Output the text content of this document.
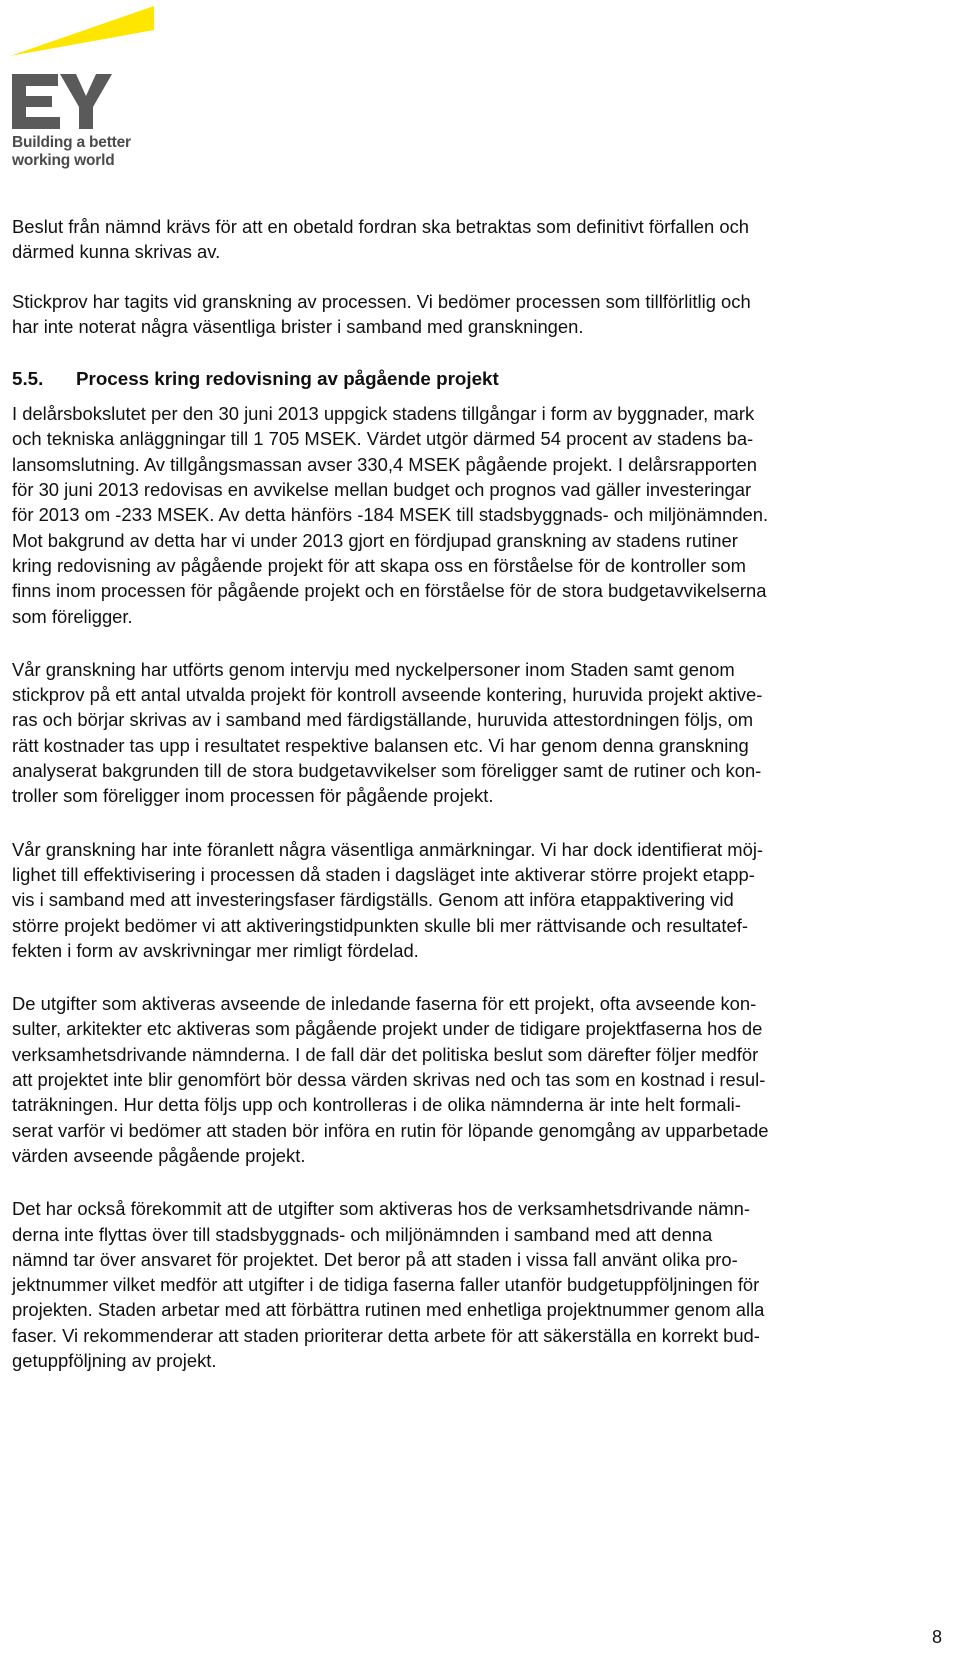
Building a better
working world

Beslut från nämnd krävs för att en obetald fordran ska betraktas som definitivt förfallen och
därmed kunna skrivas av.

Stickprov har tagits vid granskning av processen. Vi bedömer processen som tillförlitlig och
har inte noterat några väsentliga brister i samband med granskningen.

5.5.	Process kring redovisning av pågående projekt

I delårsbokslutet per den 30 juni 2013 uppgick stadens tillgångar i form av byggnader, mark
och tekniska anläggningar till 1 705 MSEK. Värdet utgör därmed 54 procent av stadens ba-
lansomslutning. Av tillgångsmassan avser 330,4 MSEK pågående projekt. I delårsrapporten
för 30 juni 2013 redovisas en avvikelse mellan budget och prognos vad gäller investeringar
för 2013 om -233 MSEK. Av detta hänförs -184 MSEK till stadsbyggnads- och miljönämnden.
Mot bakgrund av detta har vi under 2013 gjort en fördjupad granskning av stadens rutiner
kring redovisning av pågående projekt för att skapa oss en förståelse för de kontroller som
finns inom processen för pågående projekt och en förståelse för de stora budgetavvikelserna
som föreligger.

Vår granskning har utförts genom intervju med nyckelpersoner inom Staden samt genom
stickprov på ett antal utvalda projekt för kontroll avseende kontering, huruvida projekt aktive-
ras och börjar skrivas av i samband med färdigställande, huruvida attestordningen följs, om
rätt kostnader tas upp i resultatet respektive balansen etc. Vi har genom denna granskning
analyserat bakgrunden till de stora budgetavvikelser som föreligger samt de rutiner och kon-
troller som föreligger inom processen för pågående projekt.

Vår granskning har inte föranlett några väsentliga anmärkningar. Vi har dock identifierat möj-
lighet till effektivisering i processen då staden i dagsläget inte aktiverar större projekt etapp-
vis i samband med att investeringsfaser färdigställs. Genom att införa etappaktivering vid
större projekt bedömer vi att aktiveringstidpunkten skulle bli mer rättvisande och resultatef-
fekten i form av avskrivningar mer rimligt fördelad.

De utgifter som aktiveras avseende de inledande faserna för ett projekt, ofta avseende kon-
sulter, arkitekter etc aktiveras som pågående projekt under de tidigare projektfaserna hos de
verksamhetsdrivande nämnderna. I de fall där det politiska beslut som därefter följer medför
att projektet inte blir genomfört bör dessa värden skrivas ned och tas som en kostnad i resul-
taträkningen. Hur detta följs upp och kontrolleras i de olika nämnderna är inte helt formali-
serat varför vi bedömer att staden bör införa en rutin för löpande genomgång av upparbetade
värden avseende pågående projekt.

Det har också förekommit att de utgifter som aktiveras hos de verksamhetsdrivande nämn-
derna inte flyttas över till stadsbyggnads- och miljönämnden i samband med att denna
nämnd tar över ansvaret för projektet. Det beror på att staden i vissa fall använt olika pro-
jektnummer vilket medför att utgifter i de tidiga faserna faller utanför budgetuppföljningen för
projekten. Staden arbetar med att förbättra rutinen med enhetliga projektnummer genom alla
faser. Vi rekommenderar att staden prioriterar detta arbete för att säkerställa en korrekt bud-
getuppföljning av projekt.

8
